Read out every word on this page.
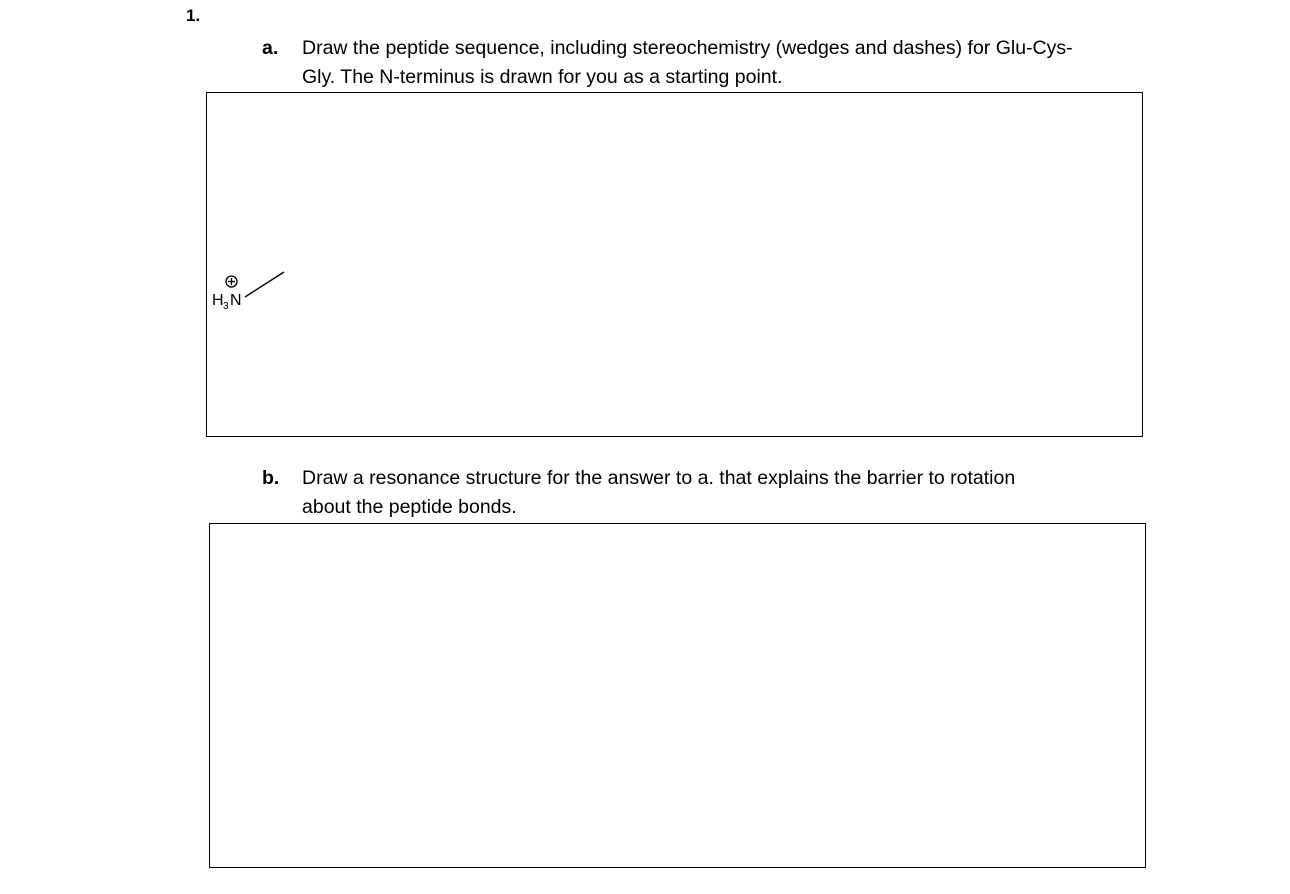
1.
a. Draw the peptide sequence, including stereochemistry (wedges and dashes) for Glu-Cys-
Gly. The N-terminus is drawn for you as a starting point.
H 3 N
b. Draw a resonance structure for the answer to a. that explains the barrier to rotation
about the peptide bonds.
